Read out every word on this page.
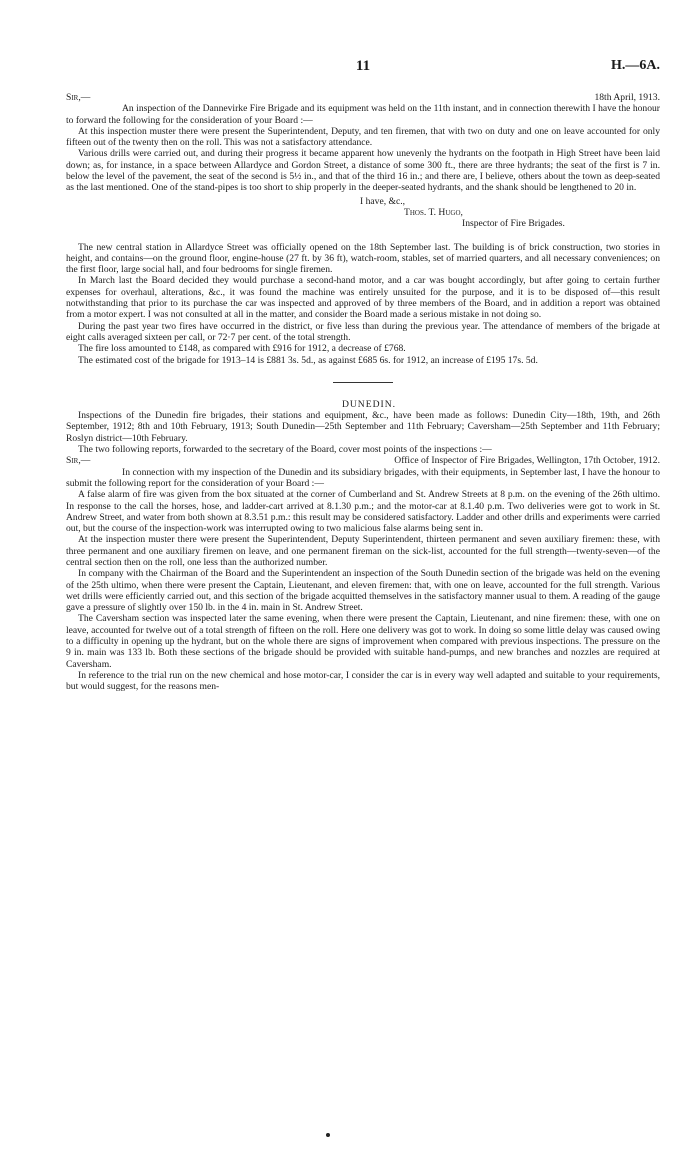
11	H.—6A.
Sir,—	18th April, 1913.

An inspection of the Dannevirke Fire Brigade and its equipment was held on the 11th instant, and in connection therewith I have the honour to forward the following for the consideration of your Board :—

At this inspection muster there were present the Superintendent, Deputy, and ten firemen, that with two on duty and one on leave accounted for only fifteen out of the twenty then on the roll. This was not a satisfactory attendance.

Various drills were carried out, and during their progress it became apparent how unevenly the hydrants on the footpath in High Street have been laid down; as, for instance, in a space between Allardyce and Gordon Street, a distance of some 300 ft., there are three hydrants; the seat of the first is 7 in. below the level of the pavement, the seat of the second is 5½ in., and that of the third 16 in.; and there are, I believe, others about the town as deep-seated as the last mentioned. One of the stand-pipes is too short to ship properly in the deeper-seated hydrants, and the shank should be lengthened to 20 in.

I have, &c.,
Thos. T. Hugo,
Inspector of Fire Brigades.

The new central station in Allardyce Street was officially opened on the 18th September last. The building is of brick construction, two stories in height, and contains—on the ground floor, engine-house (27 ft. by 36 ft), watch-room, stables, set of married quarters, and all necessary conveniences; on the first floor, large social hall, and four bedrooms for single firemen.

In March last the Board decided they would purchase a second-hand motor, and a car was bought accordingly, but after going to certain further expenses for overhaul, alterations, &c., it was found the machine was entirely unsuited for the purpose, and it is to be disposed of—this result notwithstanding that prior to its purchase the car was inspected and approved of by three members of the Board, and in addition a report was obtained from a motor expert. I was not consulted at all in the matter, and consider the Board made a serious mistake in not doing so.

During the past year two fires have occurred in the district, or five less than during the previous year. The attendance of members of the brigade at eight calls averaged sixteen per call, or 72·7 per cent. of the total strength.

The fire loss amounted to £148, as compared with £916 for 1912, a decrease of £768.

The estimated cost of the brigade for 1913–14 is £881 3s. 5d., as against £685 6s. for 1912, an increase of £195 17s. 5d.

DUNEDIN.

Inspections of the Dunedin fire brigades, their stations and equipment, &c., have been made as follows: Dunedin City—18th, 19th, and 26th September, 1912; 8th and 10th February, 1913; South Dunedin—25th September and 11th February; Caversham—25th September and 11th February; Roslyn district—10th February.

The two following reports, forwarded to the secretary of the Board, cover most points of the inspections :—

Sir,—	Office of Inspector of Fire Brigades, Wellington, 17th October, 1912.

In connection with my inspection of the Dunedin and its subsidiary brigades, with their equipments, in September last, I have the honour to submit the following report for the consideration of your Board :—

A false alarm of fire was given from the box situated at the corner of Cumberland and St. Andrew Streets at 8 p.m. on the evening of the 26th ultimo. In response to the call the horses, hose, and ladder-cart arrived at 8.1.30 p.m.; and the motor-car at 8.1.40 p.m. Two deliveries were got to work in St. Andrew Street, and water from both shown at 8.3.51 p.m.: this result may be considered satisfactory. Ladder and other drills and experiments were carried out, but the course of the inspection-work was interrupted owing to two malicious false alarms being sent in.

At the inspection muster there were present the Superintendent, Deputy Superintendent, thirteen permanent and seven auxiliary firemen: these, with three permanent and one auxiliary firemen on leave, and one permanent fireman on the sick-list, accounted for the full strength—twenty-seven—of the central section then on the roll, one less than the authorized number.

In company with the Chairman of the Board and the Superintendent an inspection of the South Dunedin section of the brigade was held on the evening of the 25th ultimo, when there were present the Captain, Lieutenant, and eleven firemen: that, with one on leave, accounted for the full strength. Various wet drills were efficiently carried out, and this section of the brigade acquitted themselves in the satisfactory manner usual to them. A reading of the gauge gave a pressure of slightly over 150 lb. in the 4 in. main in St. Andrew Street.

The Caversham section was inspected later the same evening, when there were present the Captain, Lieutenant, and nine firemen: these, with one on leave, accounted for twelve out of a total strength of fifteen on the roll. Here one delivery was got to work. In doing so some little delay was caused owing to a difficulty in opening up the hydrant, but on the whole there are signs of improvement when compared with previous inspections. The pressure on the 9 in. main was 133 lb. Both these sections of the brigade should be provided with suitable hand-pumps, and new branches and nozzles are required at Caversham.

In reference to the trial run on the new chemical and hose motor-car, I consider the car is in every way well adapted and suitable to your requirements, but would suggest, for the reasons men-
